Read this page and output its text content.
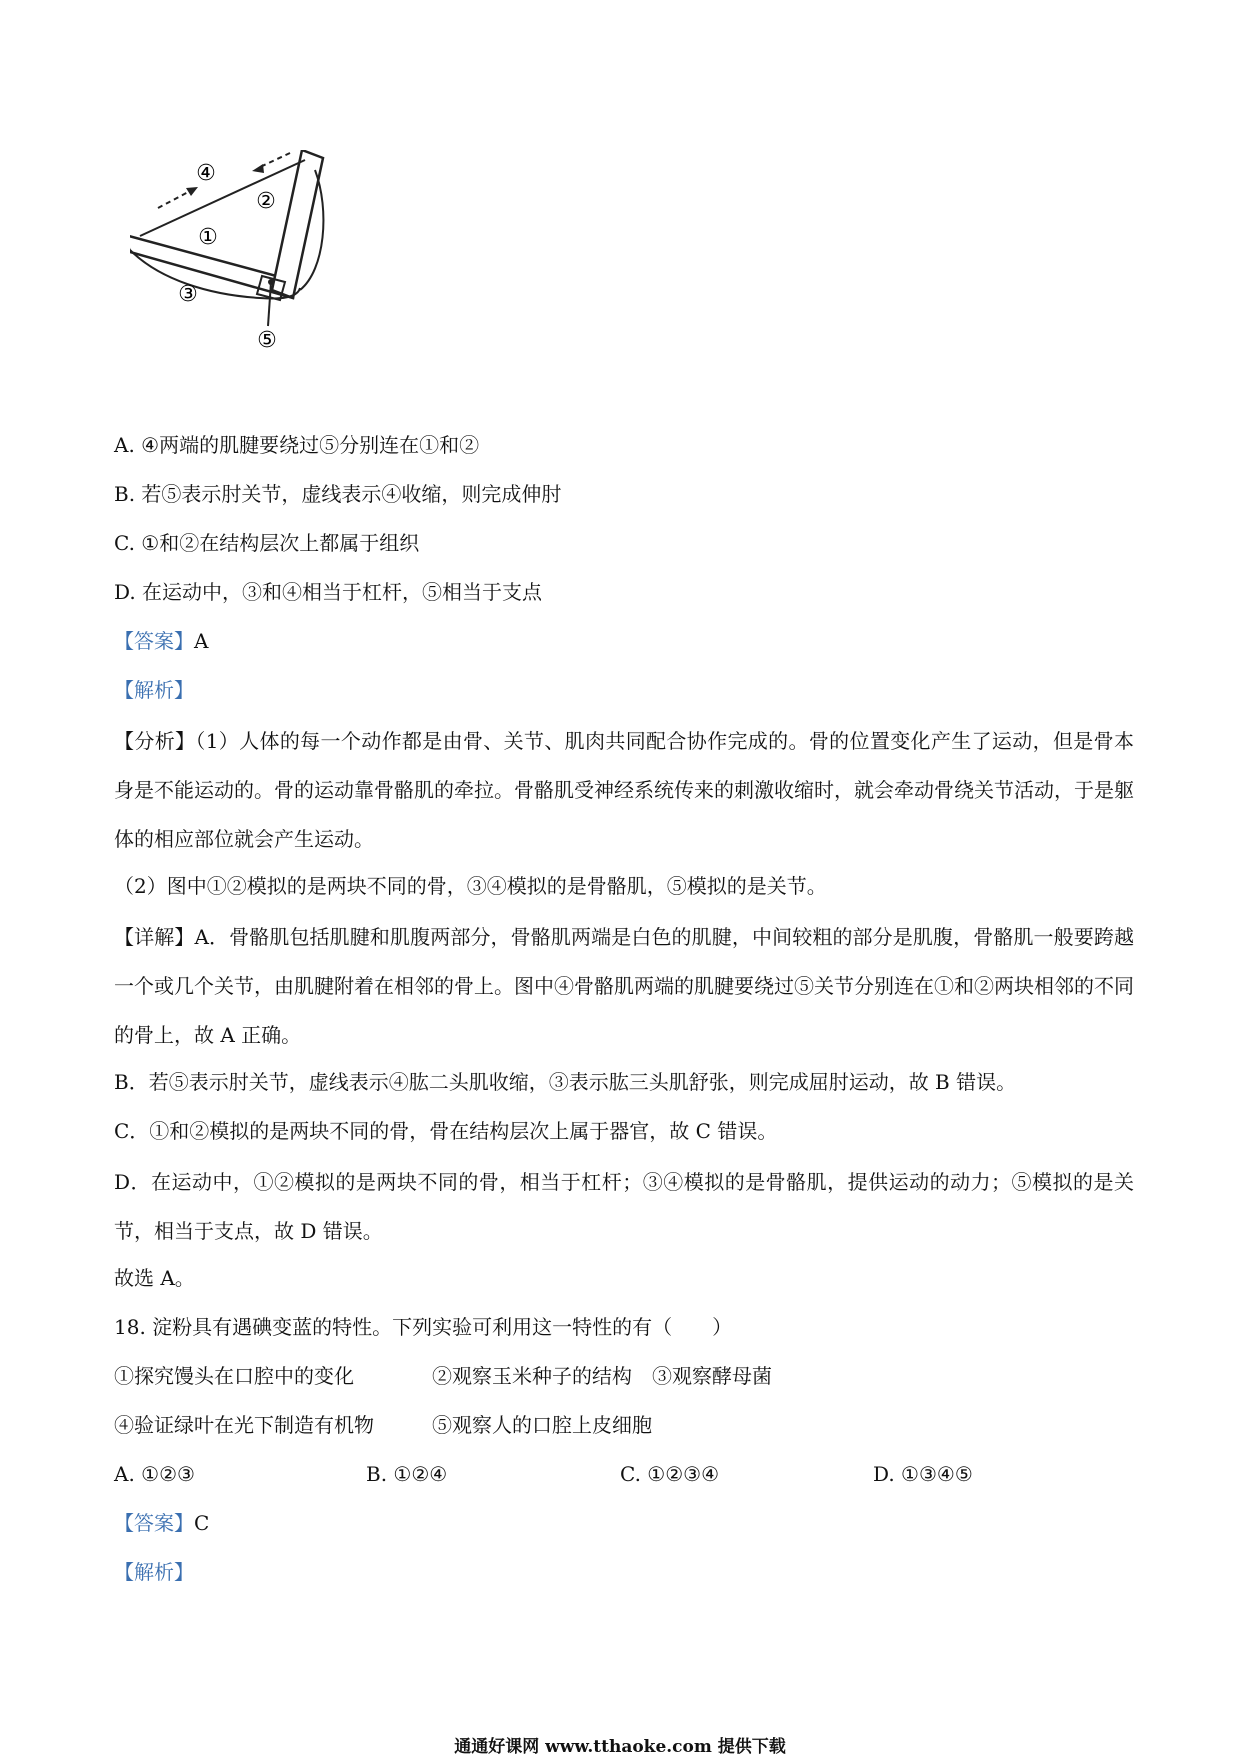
④
②
①
③
⑤
A. ④两端的肌腱要绕过⑤分别连在①和②
B. 若⑤表示肘关节，虚线表示④收缩，则完成伸肘
C. ①和②在结构层次上都属于组织
D. 在运动中，③和④相当于杠杆，⑤相当于支点
【答案】A
【解析】
【分析】（1）人体的每一个动作都是由骨、关节、肌肉共同配合协作完成的。骨的位置变化产生了运动，但是骨本身是不能运动的。骨的运动靠骨骼肌的牵拉。骨骼肌受神经系统传来的刺激收缩时，就会牵动骨绕关节活动，于是躯体的相应部位就会产生运动。
（2）图中①②模拟的是两块不同的骨，③④模拟的是骨骼肌，⑤模拟的是关节。
【详解】A．骨骼肌包括肌腱和肌腹两部分，骨骼肌两端是白色的肌腱，中间较粗的部分是肌腹，骨骼肌一般要跨越一个或几个关节，由肌腱附着在相邻的骨上。图中④骨骼肌两端的肌腱要绕过⑤关节分别连在①和②两块相邻的不同的骨上，故 A 正确。
B．若⑤表示肘关节，虚线表示④肱二头肌收缩，③表示肱三头肌舒张，则完成屈肘运动，故 B 错误。
C．①和②模拟的是两块不同的骨，骨在结构层次上属于器官，故 C 错误。
D．在运动中，①②模拟的是两块不同的骨，相当于杠杆；③④模拟的是骨骼肌，提供运动的动力；⑤模拟的是关节，相当于支点，故 D 错误。
故选 A。
18. 淀粉具有遇碘变蓝的特性。下列实验可利用这一特性的有（　　）
①探究馒头在口腔中的变化	②观察玉米种子的结构 ③观察酵母菌
④验证绿叶在光下制造有机物	⑤观察人的口腔上皮细胞
A. ①②③	B. ①②④	C. ①②③④	D. ①③④⑤
【答案】C
【解析】
通通好课网 www.tthaoke.com 提供下载
